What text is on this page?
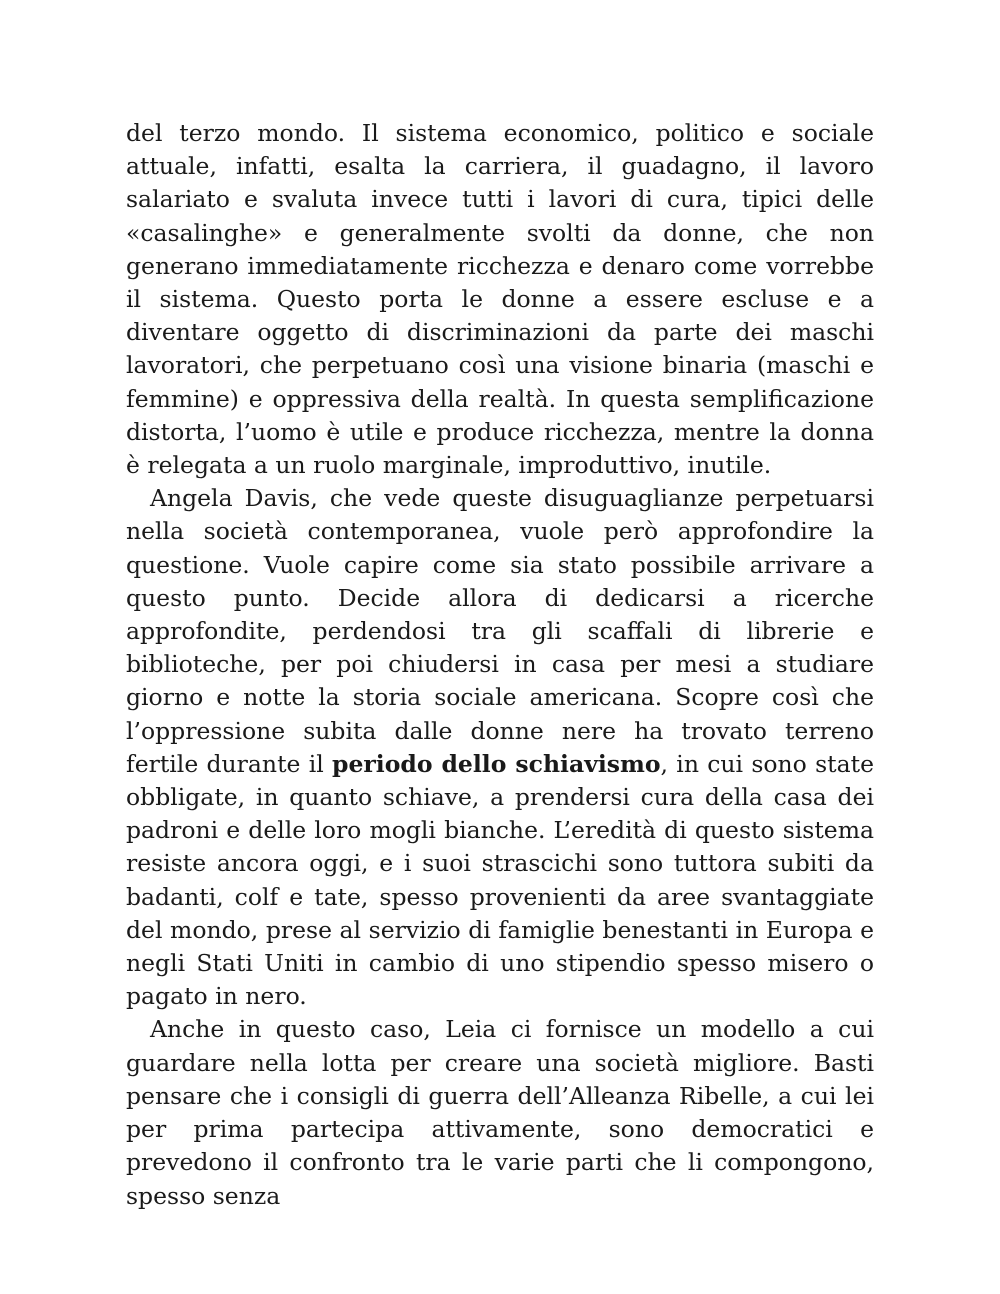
del terzo mondo. Il sistema economico, politico e sociale attuale, infatti, esalta la carriera, il guadagno, il lavoro salariato e svaluta invece tutti i lavori di cura, tipici delle «casalinghe» e generalmente svolti da donne, che non generano immediatamente ricchezza e denaro come vorrebbe il sistema. Questo porta le donne a essere escluse e a diventare oggetto di discriminazioni da parte dei maschi lavoratori, che perpetuano così una visione binaria (maschi e femmine) e oppressiva della realtà. In questa semplificazione distorta, l’uomo è utile e produce ricchezza, mentre la donna è relegata a un ruolo marginale, improduttivo, inutile.

Angela Davis, che vede queste disuguaglianze perpetuarsi nella società contemporanea, vuole però approfondire la questione. Vuole capire come sia stato possibile arrivare a questo punto. Decide allora di dedicarsi a ricerche approfondite, perdendosi tra gli scaffali di librerie e biblioteche, per poi chiudersi in casa per mesi a studiare giorno e notte la storia sociale americana. Scopre così che l’oppressione subita dalle donne nere ha trovato terreno fertile durante il periodo dello schiavismo, in cui sono state obbligate, in quanto schiave, a prendersi cura della casa dei padroni e delle loro mogli bianche. L’eredità di questo sistema resiste ancora oggi, e i suoi strascichi sono tuttora subiti da badanti, colf e tate, spesso provenienti da aree svantaggiate del mondo, prese al servizio di famiglie benestanti in Europa e negli Stati Uniti in cambio di uno stipendio spesso misero o pagato in nero.

Anche in questo caso, Leia ci fornisce un modello a cui guardare nella lotta per creare una società migliore. Basti pensare che i consigli di guerra dell’Alleanza Ribelle, a cui lei per prima partecipa attivamente, sono democratici e prevedono il confronto tra le varie parti che li compongono, spesso senza
